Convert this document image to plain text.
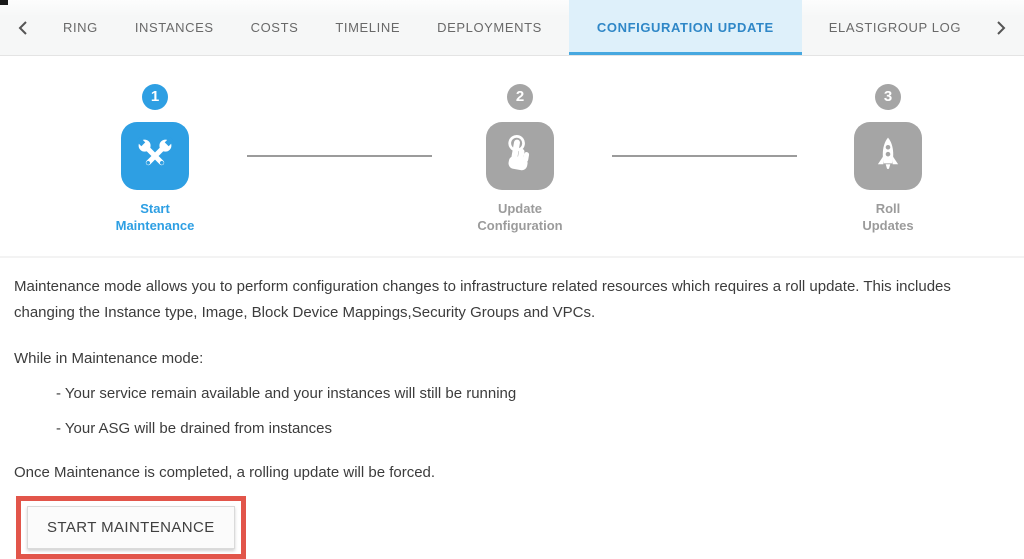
RING	INSTANCES	COSTS	TIMELINE	DEPLOYMENTS	CONFIGURATION UPDATE	ELASTIGROUP LOG
1
Start
Maintenance
2
Update
Configuration
3
Roll
Updates

Maintenance mode allows you to perform configuration changes to infrastructure related resources which requires a roll update. This includes changing the Instance type, Image, Block Device Mappings,Security Groups and VPCs.

While in Maintenance mode:

- Your service remain available and your instances will still be running

- Your ASG will be drained from instances

Once Maintenance is completed, a rolling update will be forced.

START MAINTENANCE
